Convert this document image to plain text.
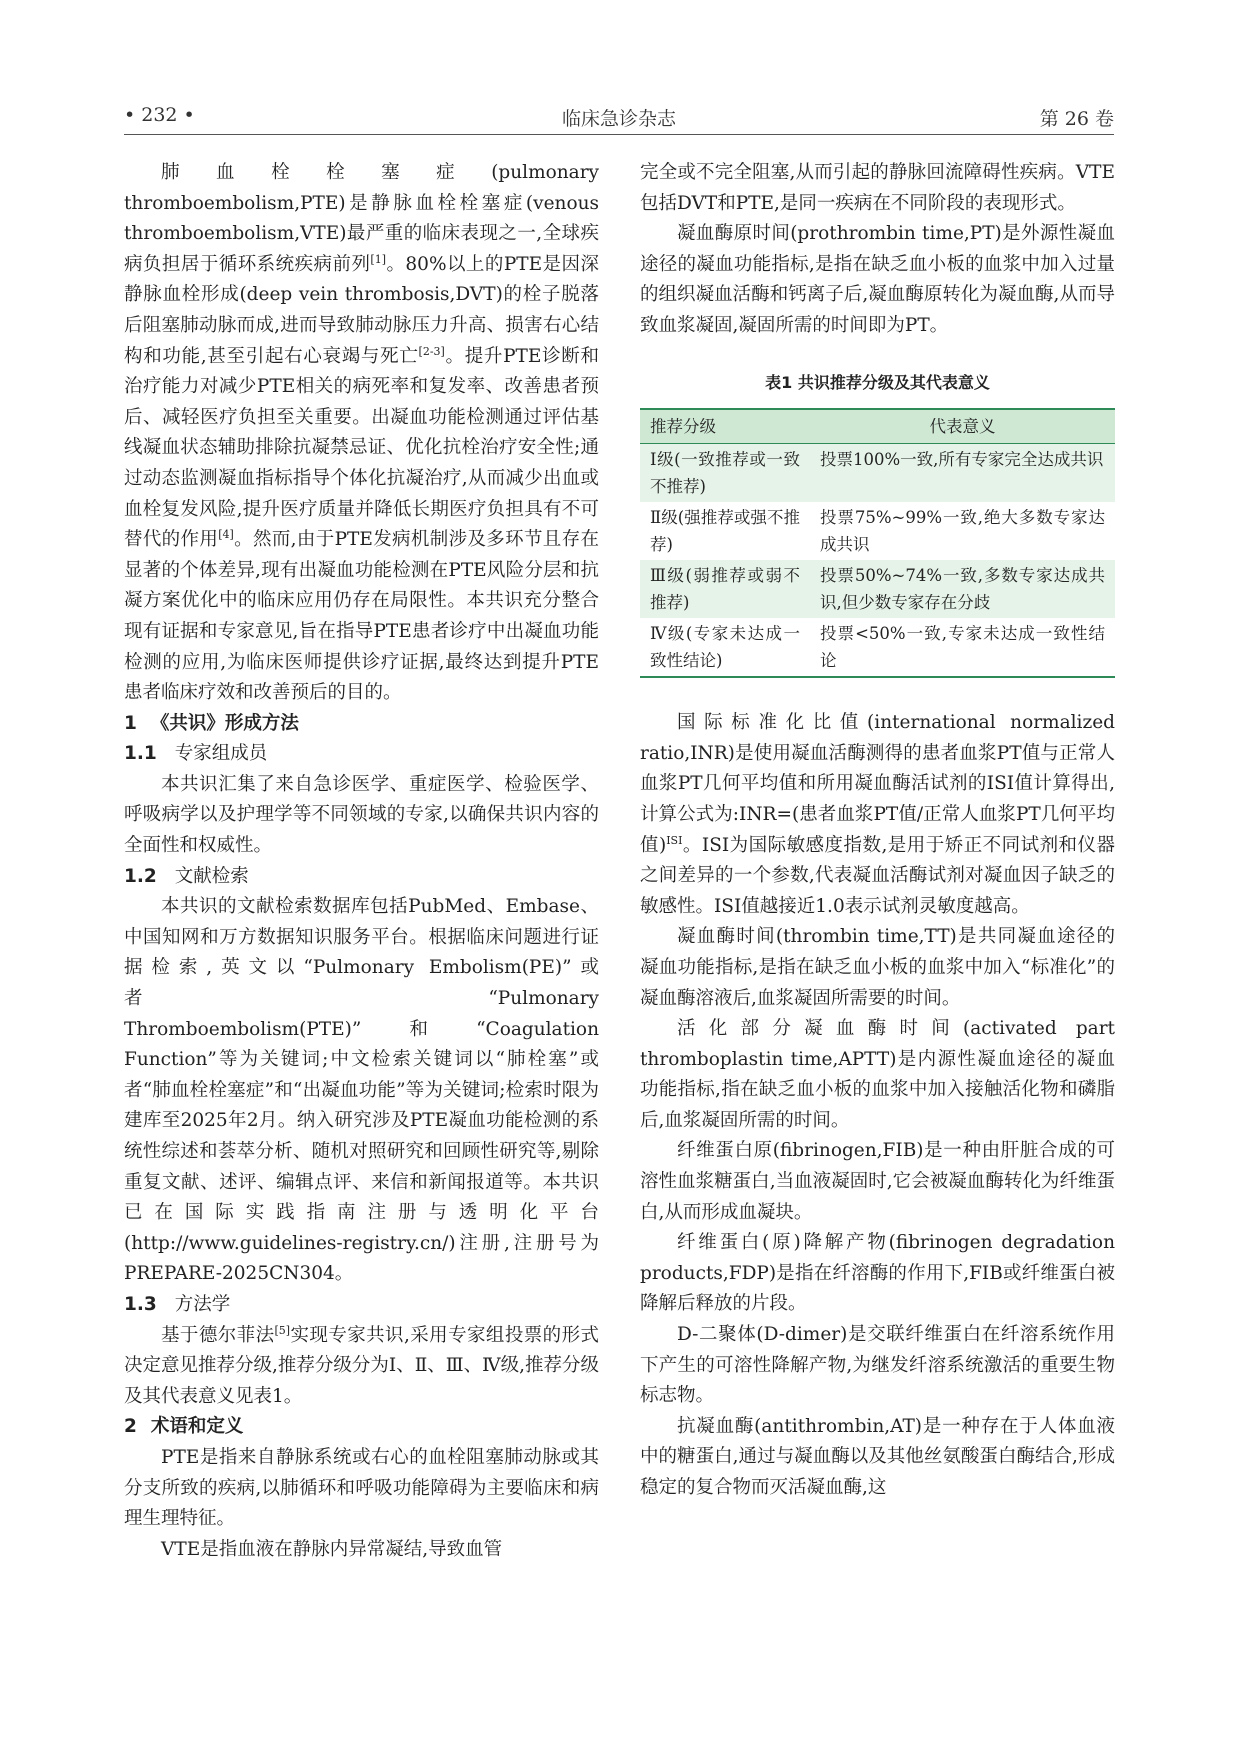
• 232 •	临床急诊杂志	第 26 卷

肺血栓栓塞症(pulmonary thromboembolism,PTE)是静脉血栓栓塞症(venous thromboembolism,VTE)最严重的临床表现之一,全球疾病负担居于循环系统疾病前列[1]。80%以上的PTE是因深静脉血栓形成(deep vein thrombosis,DVT)的栓子脱落后阻塞肺动脉而成,进而导致肺动脉压力升高、损害右心结构和功能,甚至引起右心衰竭与死亡[2-3]。提升PTE诊断和治疗能力对减少PTE相关的病死率和复发率、改善患者预后、减轻医疗负担至关重要。出凝血功能检测通过评估基线凝血状态辅助排除抗凝禁忌证、优化抗栓治疗安全性;通过动态监测凝血指标指导个体化抗凝治疗,从而减少出血或血栓复发风险,提升医疗质量并降低长期医疗负担具有不可替代的作用[4]。然而,由于PTE发病机制涉及多环节且存在显著的个体差异,现有出凝血功能检测在PTE风险分层和抗凝方案优化中的临床应用仍存在局限性。本共识充分整合现有证据和专家意见,旨在指导PTE患者诊疗中出凝血功能检测的应用,为临床医师提供诊疗证据,最终达到提升PTE患者临床疗效和改善预后的目的。

1 《共识》形成方法
1.1 专家组成员

本共识汇集了来自急诊医学、重症医学、检验医学、呼吸病学以及护理学等不同领域的专家,以确保共识内容的全面性和权威性。

1.2 文献检索

本共识的文献检索数据库包括PubMed、Embase、中国知网和万方数据知识服务平台。根据临床问题进行证据检索,英文以“Pulmonary Embolism(PE)”或者“Pulmonary Thromboembolism(PTE)”和“Coagulation Function”等为关键词;中文检索关键词以“肺栓塞”或者“肺血栓栓塞症”和“出凝血功能”等为关键词;检索时限为建库至2025年2月。纳入研究涉及PTE凝血功能检测的系统性综述和荟萃分析、随机对照研究和回顾性研究等,剔除重复文献、述评、编辑点评、来信和新闻报道等。本共识已在国际实践指南注册与透明化平台(http://www.guidelines-registry.cn/)注册,注册号为PREPARE-2025CN304。

1.3 方法学

基于德尔菲法[5]实现专家共识,采用专家组投票的形式决定意见推荐分级,推荐分级分为Ⅰ、Ⅱ、Ⅲ、Ⅳ级,推荐分级及其代表意义见表1。

2 术语和定义

PTE是指来自静脉系统或右心的血栓阻塞肺动脉或其分支所致的疾病,以肺循环和呼吸功能障碍为主要临床和病理生理特征。

VTE是指血液在静脉内异常凝结,导致血管

完全或不完全阻塞,从而引起的静脉回流障碍性疾病。VTE包括DVT和PTE,是同一疾病在不同阶段的表现形式。

凝血酶原时间(prothrombin time,PT)是外源性凝血途径的凝血功能指标,是指在缺乏血小板的血浆中加入过量的组织凝血活酶和钙离子后,凝血酶原转化为凝血酶,从而导致血浆凝固,凝固所需的时间即为PT。

表1 共识推荐分级及其代表意义
推荐分级	代表意义
Ⅰ级(一致推荐或一致不推荐)	投票100%一致,所有专家完全达成共识
Ⅱ级(强推荐或强不推荐)	投票75%~99%一致,绝大多数专家达成共识
Ⅲ级(弱推荐或弱不推荐)	投票50%~74%一致,多数专家达成共识,但少数专家存在分歧
Ⅳ级(专家未达成一致性结论)	投票<50%一致,专家未达成一致性结论

国际标准化比值(international normalized ratio,INR)是使用凝血活酶测得的患者血浆PT值与正常人血浆PT几何平均值和所用凝血酶活试剂的ISI值计算得出,计算公式为:INR=(患者血浆PT值/正常人血浆PT几何平均值)$^{ISI}$。ISI为国际敏感度指数,是用于矫正不同试剂和仪器之间差异的一个参数,代表凝血活酶试剂对凝血因子缺乏的敏感性。ISI值越接近1.0表示试剂灵敏度越高。

凝血酶时间(thrombin time,TT)是共同凝血途径的凝血功能指标,是指在缺乏血小板的血浆中加入“标准化”的凝血酶溶液后,血浆凝固所需要的时间。

活化部分凝血酶时间(activated part thromboplastin time,APTT)是内源性凝血途径的凝血功能指标,指在缺乏血小板的血浆中加入接触活化物和磷脂后,血浆凝固所需的时间。

纤维蛋白原(fibrinogen,FIB)是一种由肝脏合成的可溶性血浆糖蛋白,当血液凝固时,它会被凝血酶转化为纤维蛋白,从而形成血凝块。

纤维蛋白(原)降解产物(fibrinogen degradation products,FDP)是指在纤溶酶的作用下,FIB或纤维蛋白被降解后释放的片段。

D-二聚体(D-dimer)是交联纤维蛋白在纤溶系统作用下产生的可溶性降解产物,为继发纤溶系统激活的重要生物标志物。

抗凝血酶(antithrombin,AT)是一种存在于人体血液中的糖蛋白,通过与凝血酶以及其他丝氨酸蛋白酶结合,形成稳定的复合物而灭活凝血酶,这
